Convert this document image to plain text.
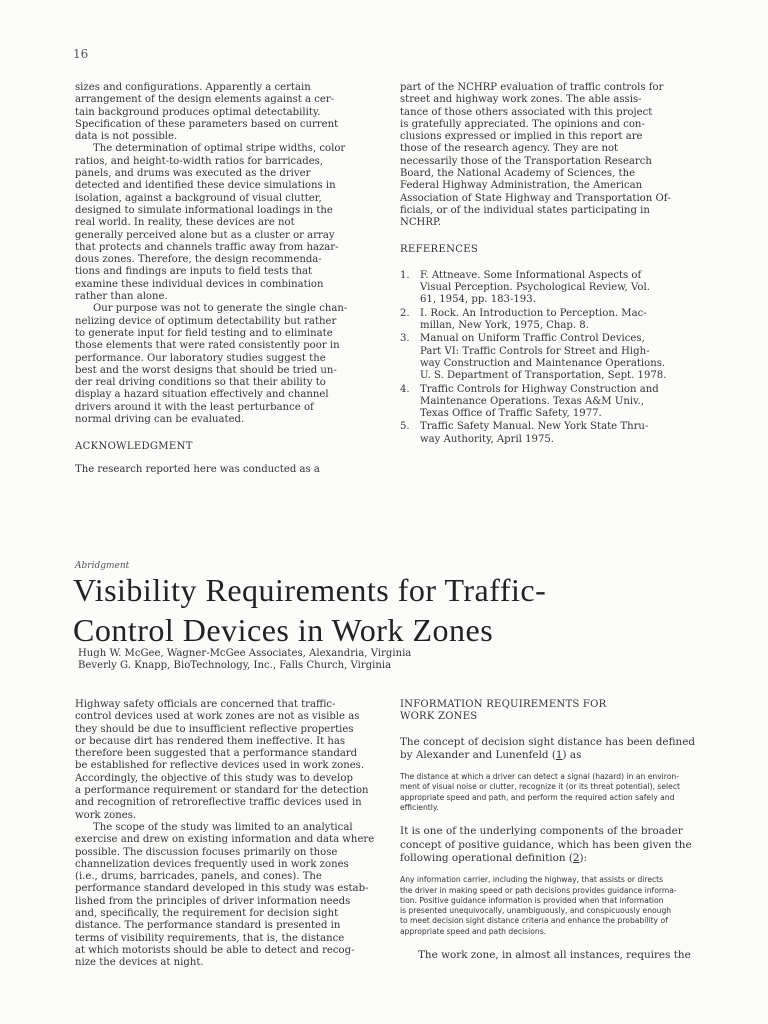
16

sizes and configurations. Apparently a certain
arrangement of the design elements against a cer-
tain background produces optimal detectability.
Specification of these parameters based on current
data is not possible.

The determination of optimal stripe widths, color
ratios, and height-to-width ratios for barricades,
panels, and drums was executed as the driver
detected and identified these device simulations in
isolation, against a background of visual clutter,
designed to simulate informational loadings in the
real world. In reality, these devices are not
generally perceived alone but as a cluster or array
that protects and channels traffic away from hazar-
dous zones. Therefore, the design recommenda-
tions and findings are inputs to field tests that
examine these individual devices in combination
rather than alone.

Our purpose was not to generate the single chan-
nelizing device of optimum detectability but rather
to generate input for field testing and to eliminate
those elements that were rated consistently poor in
performance. Our laboratory studies suggest the
best and the worst designs that should be tried un-
der real driving conditions so that their ability to
display a hazard situation effectively and channel
drivers around it with the least perturbance of
normal driving can be evaluated.

ACKNOWLEDGMENT

The research reported here was conducted as a

part of the NCHRP evaluation of traffic controls for
street and highway work zones. The able assis-
tance of those others associated with this project
is gratefully appreciated. The opinions and con-
clusions expressed or implied in this report are
those of the research agency. They are not
necessarily those of the Transportation Research
Board, the National Academy of Sciences, the
Federal Highway Administration, the American
Association of State Highway and Transportation Of-
ficials, or of the individual states participating in
NCHRP.

REFERENCES
1.	F. Attneave. Some Informational Aspects of
Visual Perception. Psychological Review, Vol.
61, 1954, pp. 183-193.
2.	I. Rock. An Introduction to Perception. Mac-
millan, New York, 1975, Chap. 8.
3.	Manual on Uniform Traffic Control Devices,
Part VI: Traffic Controls for Street and High-
way Construction and Maintenance Operations.
U. S. Department of Transportation, Sept. 1978.
4.	Traffic Controls for Highway Construction and
Maintenance Operations. Texas A&M Univ.,
Texas Office of Traffic Safety, 1977.
5.	Traffic Safety Manual. New York State Thru-
way Authority, April 1975.
Abridgment
Visibility Requirements for Traffic-
Control Devices in Work Zones
Hugh W. McGee, Wagner-McGee Associates, Alexandria, Virginia
Beverly G. Knapp, BioTechnology, Inc., Falls Church, Virginia

Highway safety officials are concerned that traffic-
control devices used at work zones are not as visible as
they should be due to insufficient reflective properties
or because dirt has rendered them ineffective. It has
therefore been suggested that a performance standard
be established for reflective devices used in work zones.
Accordingly, the objective of this study was to develop
a performance requirement or standard for the detection
and recognition of retroreflective traffic devices used in
work zones.

The scope of the study was limited to an analytical
exercise and drew on existing information and data where
possible. The discussion focuses primarily on those
channelization devices frequently used in work zones
(i.e., drums, barricades, panels, and cones). The
performance standard developed in this study was estab-
lished from the principles of driver information needs
and, specifically, the requirement for decision sight
distance. The performance standard is presented in
terms of visibility requirements, that is, the distance
at which motorists should be able to detect and recog-
nize the devices at night.

INFORMATION REQUIREMENTS FOR
WORK ZONES

The concept of decision sight distance has been defined
by Alexander and Lunenfeld (1) as

The distance at which a driver can detect a signal (hazard) in an environ-
ment of visual noise or clutter, recognize it (or its threat potential), select
appropriate speed and path, and perform the required action safely and
efficiently.

It is one of the underlying components of the broader
concept of positive guidance, which has been given the
following operational definition (2):

Any information carrier, including the highway, that assists or directs
the driver in making speed or path decisions provides guidance informa-
tion. Positive guidance information is provided when that information
is presented unequivocally, unambiguously, and conspicuously enough
to meet decision sight distance criteria and enhance the probability of
appropriate speed and path decisions.

The work zone, in almost all instances, requires the
